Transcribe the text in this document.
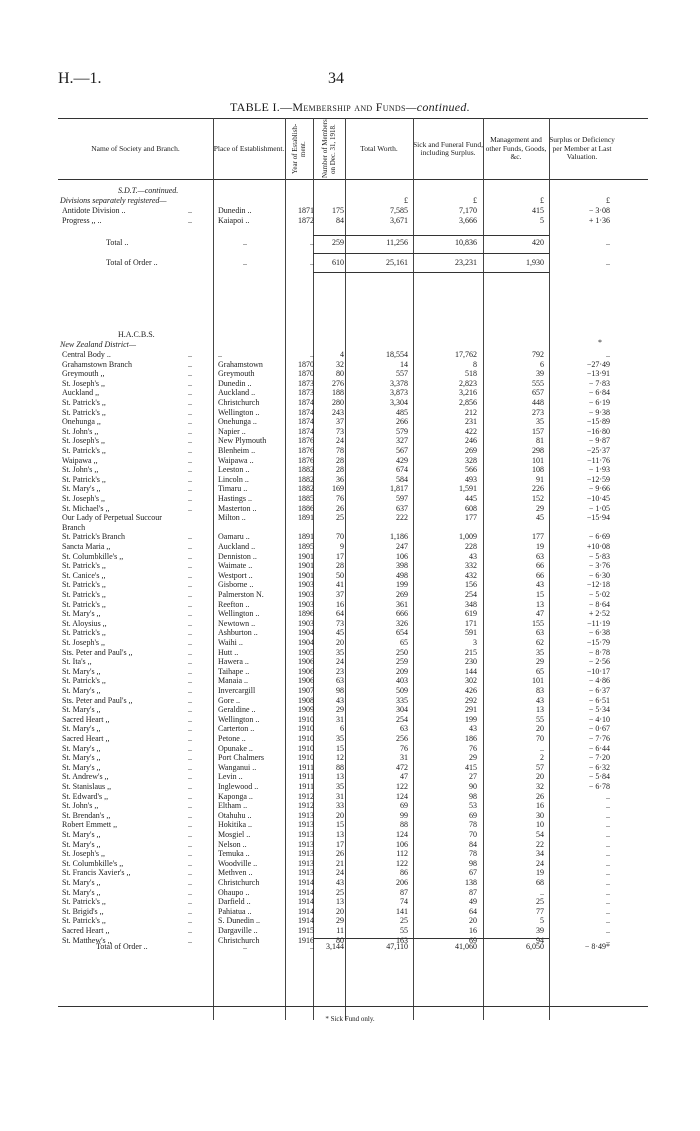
H.—1.	34
TABLE I.—Membership and Funds—continued.
Name of Society and Branch.	Place of Establishment. Year of Establish-ment. Number of Members on Dec. 31, 1918.	Total Worth.	Sick and Funeral Fund, including Surplus.
Management and other Funds, Goods, &c.
Surplus or Deficiency per Member at Last Valuation.
S.D.T.—continued.
Divisions separately registered—	£	£	£	£
Antidote Division ..	..	Dunedin ..	1871	175	7,585	7,170	415	− 3·08
Progress ,, ..	..	Kaiapoi ..	1872	84	3,671	3,666	5	+ 1·36
Total ..	..	..	259	11,256	10,836	420	..
Total of Order ..	..	..	610	25,161	23,231	1,930	..
H.A.C.B.S.
New Zealand District—	*
Central Body ..	..	..	..	4	18,554	17,762	792	..
Grahamstown Branch	..	Grahamstown	1870	32	14	8	6	−27·49
Greymouth ,,	..	Greymouth	1870	80	557	518	39	−13·91
St. Joseph's ,,	..	Dunedin ..	1873	276	3,378	2,823	555	− 7·83
Auckland ,,	..	Auckland ..	1873	188	3,873	3,216	657	− 6·84
St. Patrick's ,,	..	Christchurch	1874	280	3,304	2,856	448	− 6·19
St. Patrick's ,,	..	Wellington ..	1874	243	485	212	273	− 9·38
Onehunga ,,	..	Onehunga ..	1874	37	266	231	35	−15·89
St. John's ,,	..	Napier ..	1874	73	579	422	157	−16·80
St. Joseph's ,,	..	New Plymouth	1876	24	327	246	81	− 9·87
St. Patrick's ,,	..	Blenheim ..	1876	78	567	269	298	−25·37
Waipawa ,,	..	Waipawa ..	1876	28	429	328	101	−11·76
St. John's ,,	..	Leeston ..	1882	28	674	566	108	− 1·93
St. Patrick's ,,	..	Lincoln ..	1882	36	584	493	91	−12·59
St. Mary's ,,	..	Timaru ..	1882	169	1,817	1,591	226	− 9·66
St. Joseph's ,,	..	Hastings ..	1885	76	597	445	152	−10·45
St. Michael's ,,	..	Masterton ..	1886	26	637	608	29	− 1·05
Our Lady of Perpetual Succour	Milton ..	1891	25	222	177	45	−15·94
Branch
St. Patrick's Branch	..	Oamaru ..	1891	70	1,186	1,009	177	− 6·69
Sancta Maria ,,	..	Auckland ..	1895	9	247	228	19	+10·08
St. Columbkille's ,,	..	Denniston ..	1901	17	106	43	63	− 5·83
St. Patrick's ,,	..	Waimate ..	1901	28	398	332	66	− 3·76
St. Canice's ,,	..	Westport ..	1901	50	498	432	66	− 6·30
St. Patrick's ,,	..	Gisborne ..	1903	41	199	156	43	−12·18
St. Patrick's ,,	..	Palmerston N.	1903	37	269	254	15	− 5·02
St. Patrick's ,,	..	Reefton ..	1903	16	361	348	13	− 8·64
St. Mary's ,,	..	Wellington ..	1896	64	666	619	47	+ 2·52
St. Aloysius ,,	..	Newtown ..	1903	73	326	171	155	−11·19
St. Patrick's ,,	..	Ashburton ..	1904	45	654	591	63	− 6·38
St. Joseph's ,,	..	Waihi ..	1904	20	65	3	62	−15·79
Sts. Peter and Paul's ,,	..	Hutt ..	1905	35	250	215	35	− 8·78
St. Ita's ,,	..	Hawera ..	1906	24	259	230	29	− 2·56
St. Mary's ,,	..	Taihape ..	1906	23	209	144	65	−10·17
St. Patrick's ,,	..	Manaia ..	1906	63	403	302	101	− 4·86
St. Mary's ,,	..	Invercargill	1907	98	509	426	83	− 6·37
Sts. Peter and Paul's ,,	..	Gore ..	1908	43	335	292	43	− 6·51
St. Mary's ,,	..	Geraldine ..	1909	29	304	291	13	− 5·34
Sacred Heart ,,	..	Wellington ..	1910	31	254	199	55	− 4·10
St. Mary's ,,	..	Carterton ..	1910	6	63	43	20	− 0·67
Sacred Heart ,,	..	Petone ..	1910	35	256	186	70	− 7·76
St. Mary's ,,	..	Opunake ..	1910	15	76	76	..	− 6·44
St. Mary's ,,	..	Port Chalmers	1910	12	31	29	2	− 7·20
St. Mary's ,,	..	Wanganui ..	1911	88	472	415	57	− 6·32
St. Andrew's ,,	..	Levin ..	1911	13	47	27	20	− 5·84
St. Stanislaus ,,	..	Inglewood ..	1911	35	122	90	32	− 6·78
St. Edward's ,,	..	Kaponga ..	1912	31	124	98	26	..
St. John's ,,	..	Eltham ..	1912	33	69	53	16	..
St. Brendan's ,,	..	Otahuhu ..	1913	20	99	69	30	..
Robert Emmett ,,	..	Hokitika ..	1913	15	88	78	10	..
St. Mary's ,,	..	Mosgiel ..	1913	13	124	70	54	..
St. Mary's ,,	..	Nelson ..	1913	17	106	84	22	..
St. Joseph's ,,	..	Temuka ..	1913	26	112	78	34	..
St. Columbkille's ,,	..	Woodville ..	1913	21	122	98	24	..
St. Francis Xavier's ,,	..	Methven ..	1913	24	86	67	19	..
St. Mary's ,,	..	Christchurch	1914	43	206	138	68	..
St. Mary's ,,	..	Ohaupo ..	1914	25	87	87	..	..
St. Patrick's ,,	..	Darfield ..	1914	13	74	49	25	..
St. Brigid's ,,	..	Pahiatua ..	1914	20	141	64	77	..
St. Patrick's ,,	..	S. Dunedin ..	1914	29	25	20	5	..
Sacred Heart ,,	..	Dargaville ..	1915	11	55	16	39	..
St. Matthew's ,,	..	Christchurch	1916	80	163	69	94	..
Total of Order ..	..	..	3,144	47,110	41,060	6,050	− 8·49*
* Sick Fund only.
